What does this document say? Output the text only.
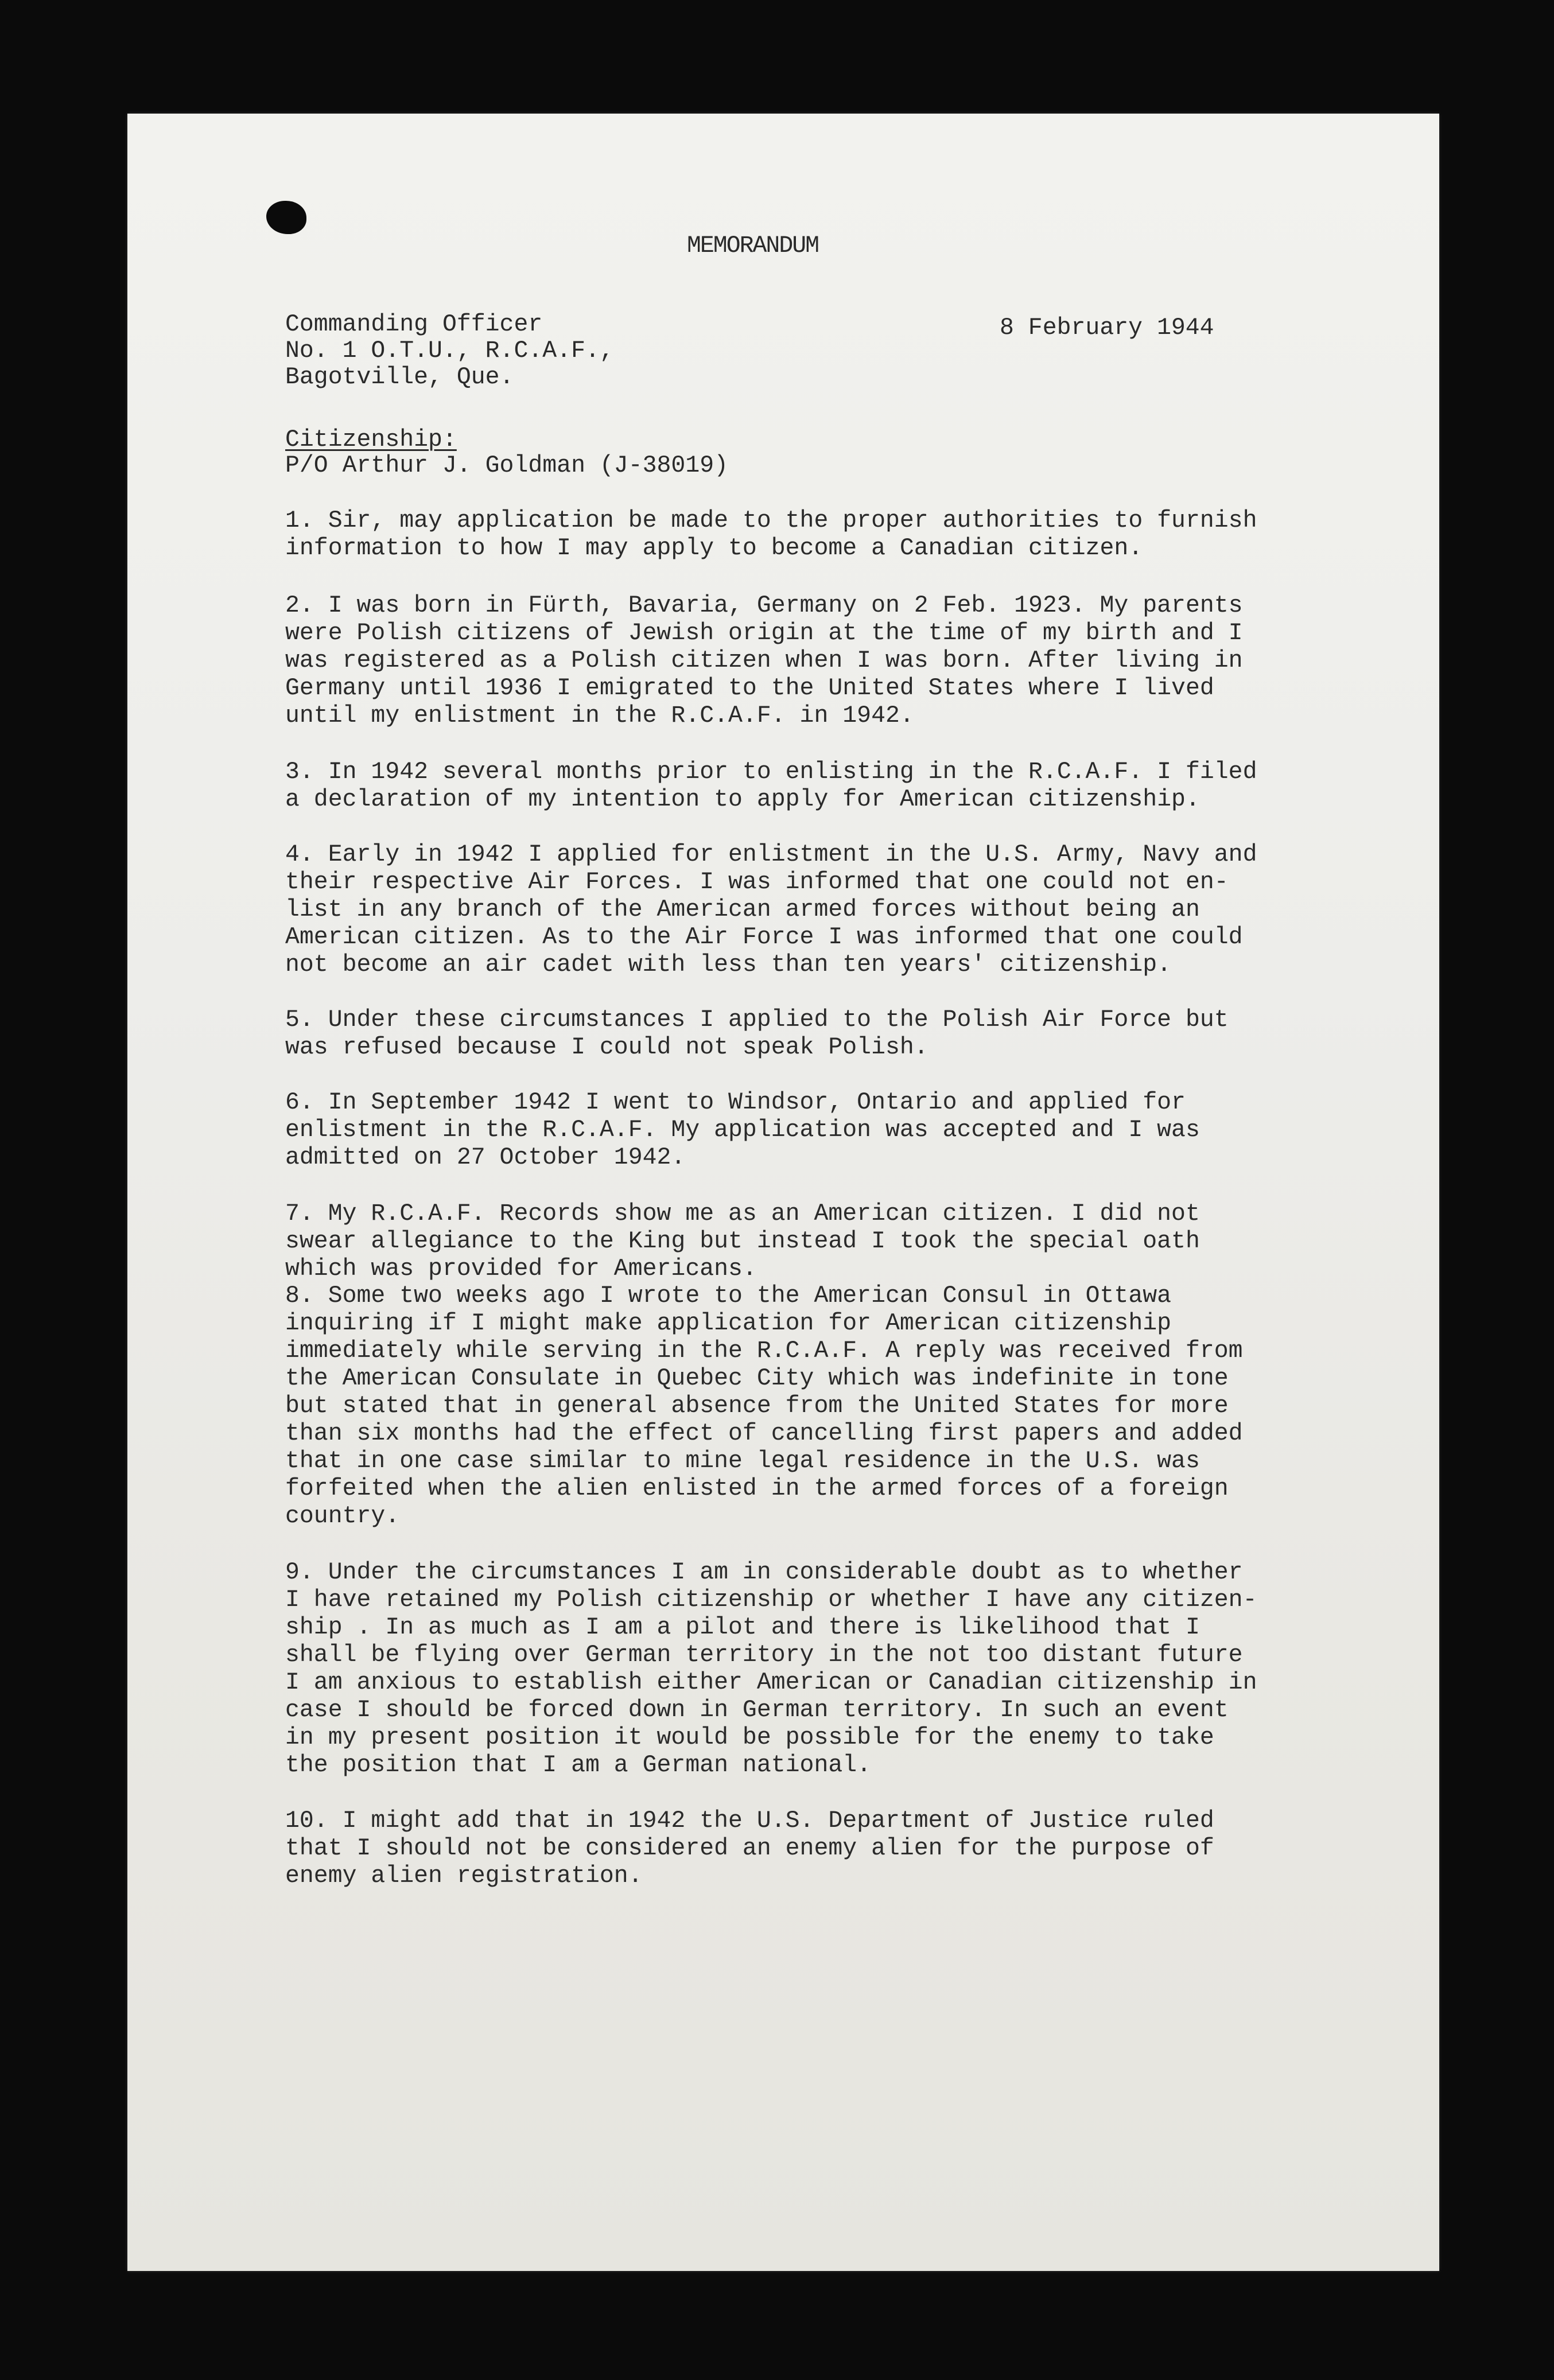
MEMORANDUM

Commanding Officer
No. 1 O.T.U., R.C.A.F.,
Bagotville, Que.

8 February 1944

Citizenship:

P/O Arthur J. Goldman (J-38019)

1. Sir, may application be made to the proper authorities to furnish
information to how I may apply to become a Canadian citizen.

2. I was born in Fürth, Bavaria, Germany on 2 Feb. 1923. My parents
were Polish citizens of Jewish origin at the time of my birth and I
was registered as a Polish citizen when I was born. After living in
Germany until 1936 I emigrated to the United States where I lived
until my enlistment in the R.C.A.F. in 1942.

3. In 1942 several months prior to enlisting in the R.C.A.F. I filed
a declaration of my intention to apply for American citizenship.

4. Early in 1942 I applied for enlistment in the U.S. Army, Navy and
their respective Air Forces. I was informed that one could not en-
list in any branch of the American armed forces without being an
American citizen. As to the Air Force I was informed that one could
not become an air cadet with less than ten years' citizenship.

5. Under these circumstances I applied to the Polish Air Force but
was refused because I could not speak Polish.

6. In September 1942 I went to Windsor, Ontario and applied for
enlistment in the R.C.A.F. My application was accepted and I was
admitted on 27 October 1942.

7. My R.C.A.F. Records show me as an American citizen. I did not
swear allegiance to the King but instead I took the special oath
which was provided for Americans.

8. Some two weeks ago I wrote to the American Consul in Ottawa
inquiring if I might make application for American citizenship
immediately while serving in the R.C.A.F. A reply was received from
the American Consulate in Quebec City which was indefinite in tone
but stated that in general absence from the United States for more
than six months had the effect of cancelling first papers and added
that in one case similar to mine legal residence in the U.S. was
forfeited when the alien enlisted in the armed forces of a foreign
country.

9. Under the circumstances I am in considerable doubt as to whether
I have retained my Polish citizenship or whether I have any citizen-
ship . In as much as I am a pilot and there is likelihood that I
shall be flying over German territory in the not too distant future
I am anxious to establish either American or Canadian citizenship in
case I should be forced down in German territory. In such an event
in my present position it would be possible for the enemy to take
the position that I am a German national.

10. I might add that in 1942 the U.S. Department of Justice ruled
that I should not be considered an enemy alien for the purpose of
enemy alien registration.
